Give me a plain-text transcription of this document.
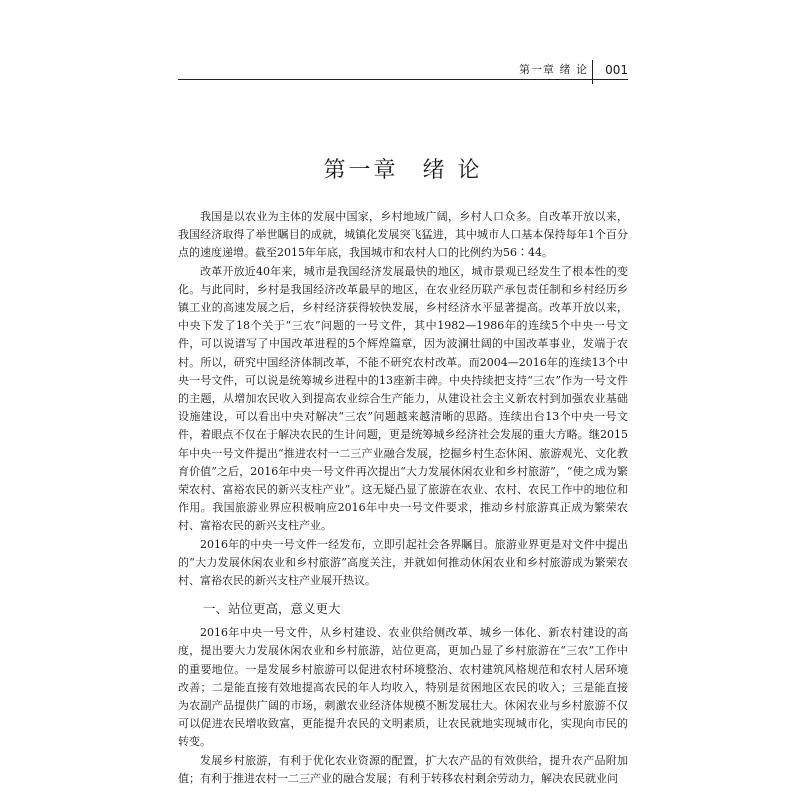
第一章 绪 论 001
第一章 绪 论

我国是以农业为主体的发展中国家，乡村地域广阔，乡村人口众多。自改革开放以来，我国经济取得了举世瞩目的成就，城镇化发展突飞猛进，其中城市人口基本保持每年1个百分点的速度递增。截至2015年年底，我国城市和农村人口的比例约为56∶44。

改革开放近40年来，城市是我国经济发展最快的地区，城市景观已经发生了根本性的变化。与此同时，乡村是我国经济改革最早的地区，在农业经历联产承包责任制和乡村经历乡镇工业的高速发展之后，乡村经济获得较快发展，乡村经济水平显著提高。改革开放以来，中央下发了18个关于“三农”问题的一号文件，其中1982—1986年的连续5个中央一号文件，可以说谱写了中国改革进程的5个辉煌篇章，因为波澜壮阔的中国改革事业，发端于农村。所以，研究中国经济体制改革，不能不研究农村改革。而2004—2016年的连续13个中央一号文件，可以说是统筹城乡进程中的13座新丰碑。中央持续把支持“三农”作为一号文件的主题，从增加农民收入到提高农业综合生产能力，从建设社会主义新农村到加强农业基础设施建设，可以看出中央对解决“三农”问题越来越清晰的思路。连续出台13个中央一号文件，着眼点不仅在于解决农民的生计问题，更是统筹城乡经济社会发展的重大方略。继2015年中央一号文件提出“推进农村一二三产业融合发展，挖掘乡村生态休闲、旅游观光、文化教育价值”之后，2016年中央一号文件再次提出“大力发展休闲农业和乡村旅游”，“使之成为繁荣农村、富裕农民的新兴支柱产业”。这无疑凸显了旅游在农业、农村、农民工作中的地位和作用。我国旅游业界应积极响应2016年中央一号文件要求，推动乡村旅游真正成为繁荣农村、富裕农民的新兴支柱产业。

2016年的中央一号文件一经发布，立即引起社会各界瞩目。旅游业界更是对文件中提出的“大力发展休闲农业和乡村旅游”高度关注，并就如何推动休闲农业和乡村旅游成为繁荣农村、富裕农民的新兴支柱产业展开热议。

一、站位更高，意义更大

2016年中央一号文件，从乡村建设、农业供给侧改革、城乡一体化、新农村建设的高度，提出要大力发展休闲农业和乡村旅游，站位更高，更加凸显了乡村旅游在“三农”工作中的重要地位。一是发展乡村旅游可以促进农村环境整治、农村建筑风格规范和农村人居环境改善；二是能直接有效地提高农民的年人均收入，特别是贫困地区农民的收入；三是能直接为农副产品提供广阔的市场，刺激农业经济体规模不断发展壮大。休闲农业与乡村旅游不仅可以促进农民增收致富，更能提升农民的文明素质，让农民就地实现城市化，实现向市民的转变。

发展乡村旅游，有利于优化农业资源的配置，扩大农产品的有效供给，提升农产品附加值；有利于推进农村一二三产业的融合发展；有利于转移农村剩余劳动力，解决农民就业问
